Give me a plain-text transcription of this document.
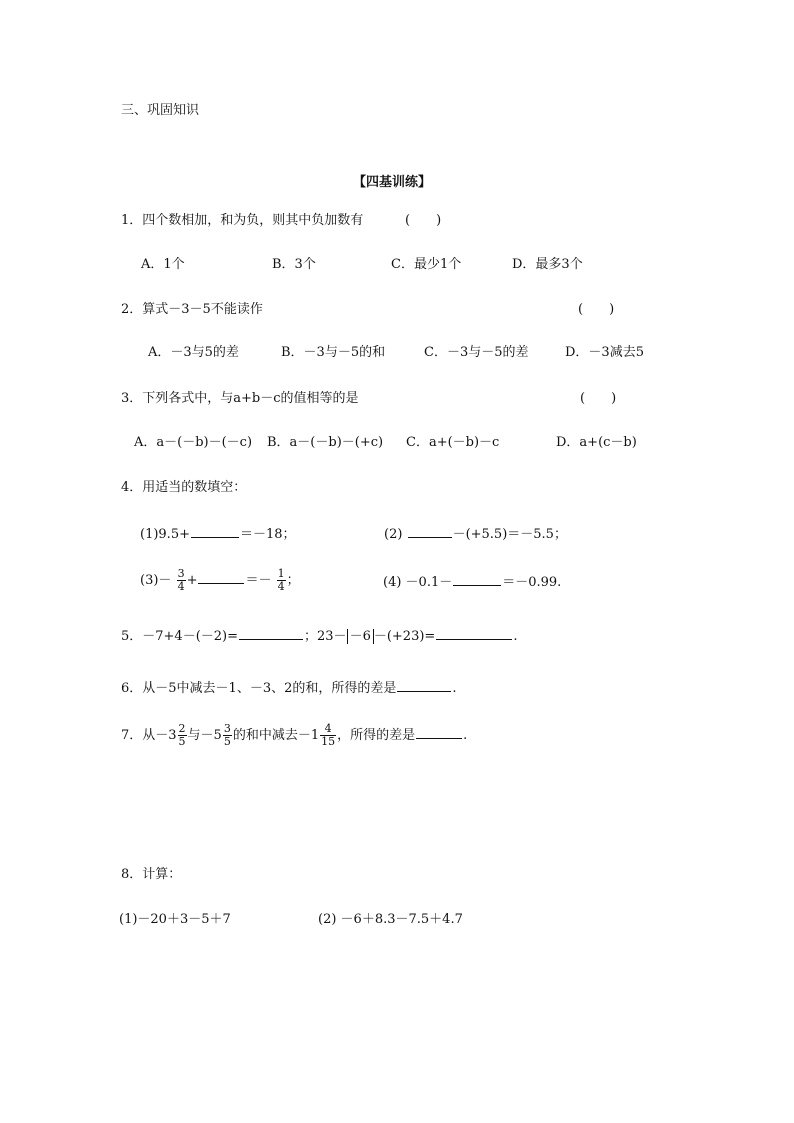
三、巩固知识
【四基训练】
1．四个数相加，和为负，则其中负加数有	(　　)
A．1个	B．3个	C．最少1个	D．最多3个
2．算式－3－5不能读作	(　　)
A．－3与5的差	B．－3与－5的和	C．－3与－5的差	D．－3减去5
3．下列各式中，与a+b－c的值相等的是	(　　)
A．a－(－b)－(－c) B．a－(－b)－(+c) C．a+(－b)－c	D．a+(c－b)
4．用适当的数填空：
(1)9.5+	＝－18；	(2)	－(+5.5)＝－5.5；
$(3)- \frac{3}{4}$ +	＝－ $\frac{1}{4}$ ；	(4) －0.1－	＝－0.99.
5．－7+4－(－2)=	；23－ －6 －(+23)=	.
6．从－5中减去－1、－3、2的和，所得的差是	.
7．从$-3 \frac{2}{5}$ 与$-5 \frac{3}{5}$ 的和中减去$-1 \frac{4}{15}$ ，所得的差是	.
8．计算：
(1)－20＋3－5＋7	(2) －6＋8.3－7.5＋4.7
